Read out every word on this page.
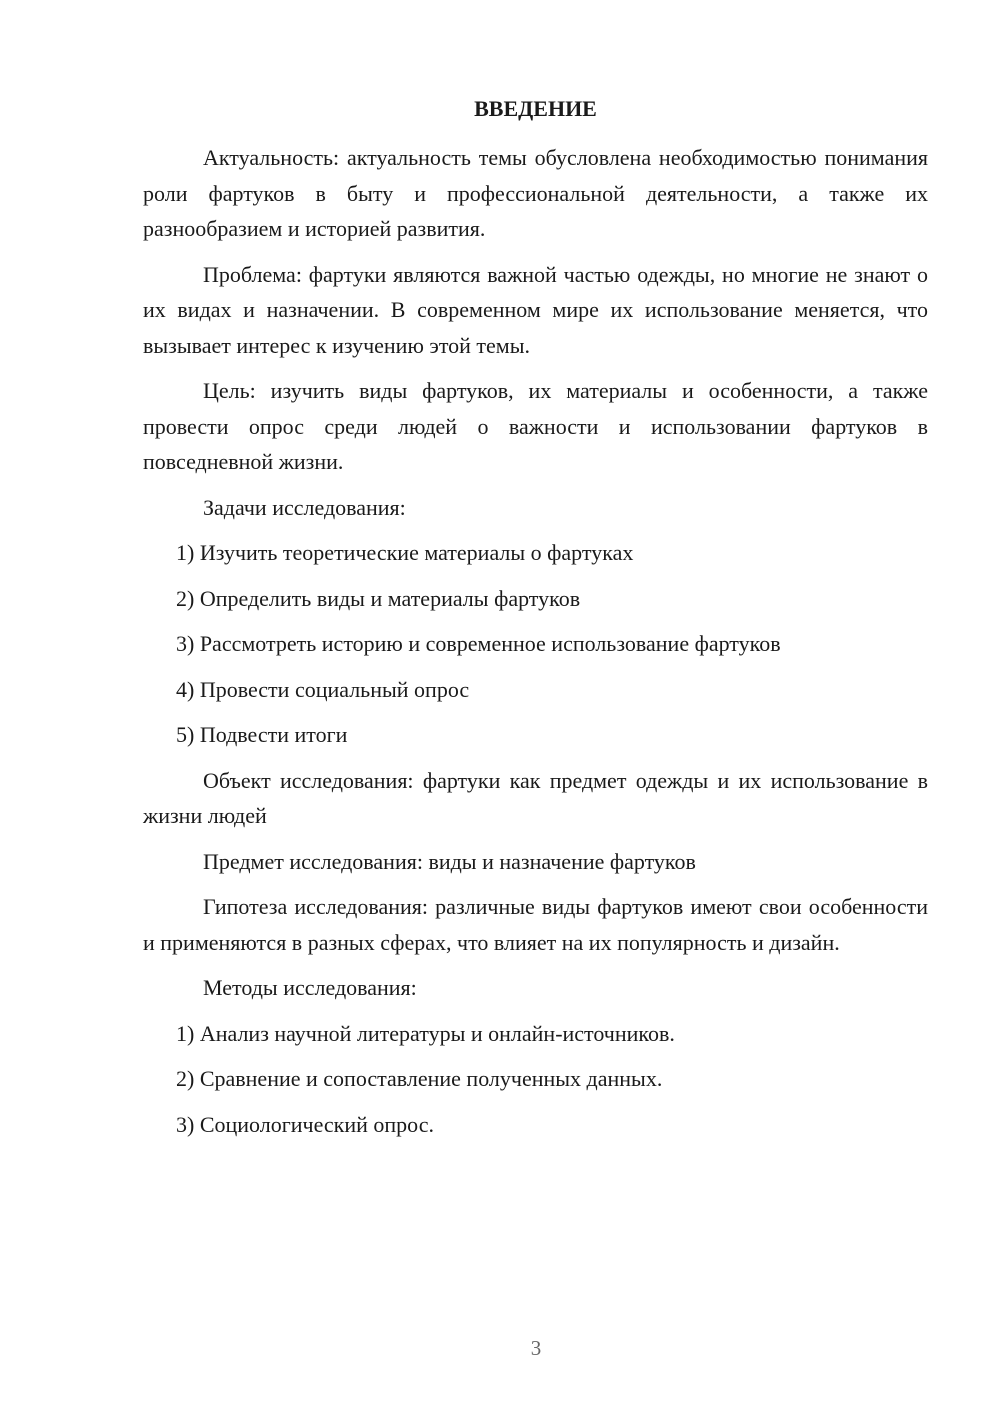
ВВЕДЕНИЕ

Актуальность: актуальность темы обусловлена необходимостью понимания роли фартуков в быту и профессиональной деятельности, а также их разнообразием и историей развития.

Проблема: фартуки являются важной частью одежды, но многие не знают о их видах и назначении. В современном мире их использование меняется, что вызывает интерес к изучению этой темы.

Цель: изучить виды фартуков, их материалы и особенности, а также провести опрос среди людей о важности и использовании фартуков в повседневной жизни.

Задачи исследования:

1) Изучить теоретические материалы о фартуках

2) Определить виды и материалы фартуков

3) Рассмотреть историю и современное использование фартуков

4) Провести социальный опрос

5) Подвести итоги

Объект исследования: фартуки как предмет одежды и их использование в жизни людей

Предмет исследования: виды и назначение фартуков

Гипотеза исследования: различные виды фартуков имеют свои особенности и применяются в разных сферах, что влияет на их популярность и дизайн.

Методы исследования:

1) Анализ научной литературы и онлайн-источников.

2) Сравнение и сопоставление полученных данных.

3) Социологический опрос.

3
